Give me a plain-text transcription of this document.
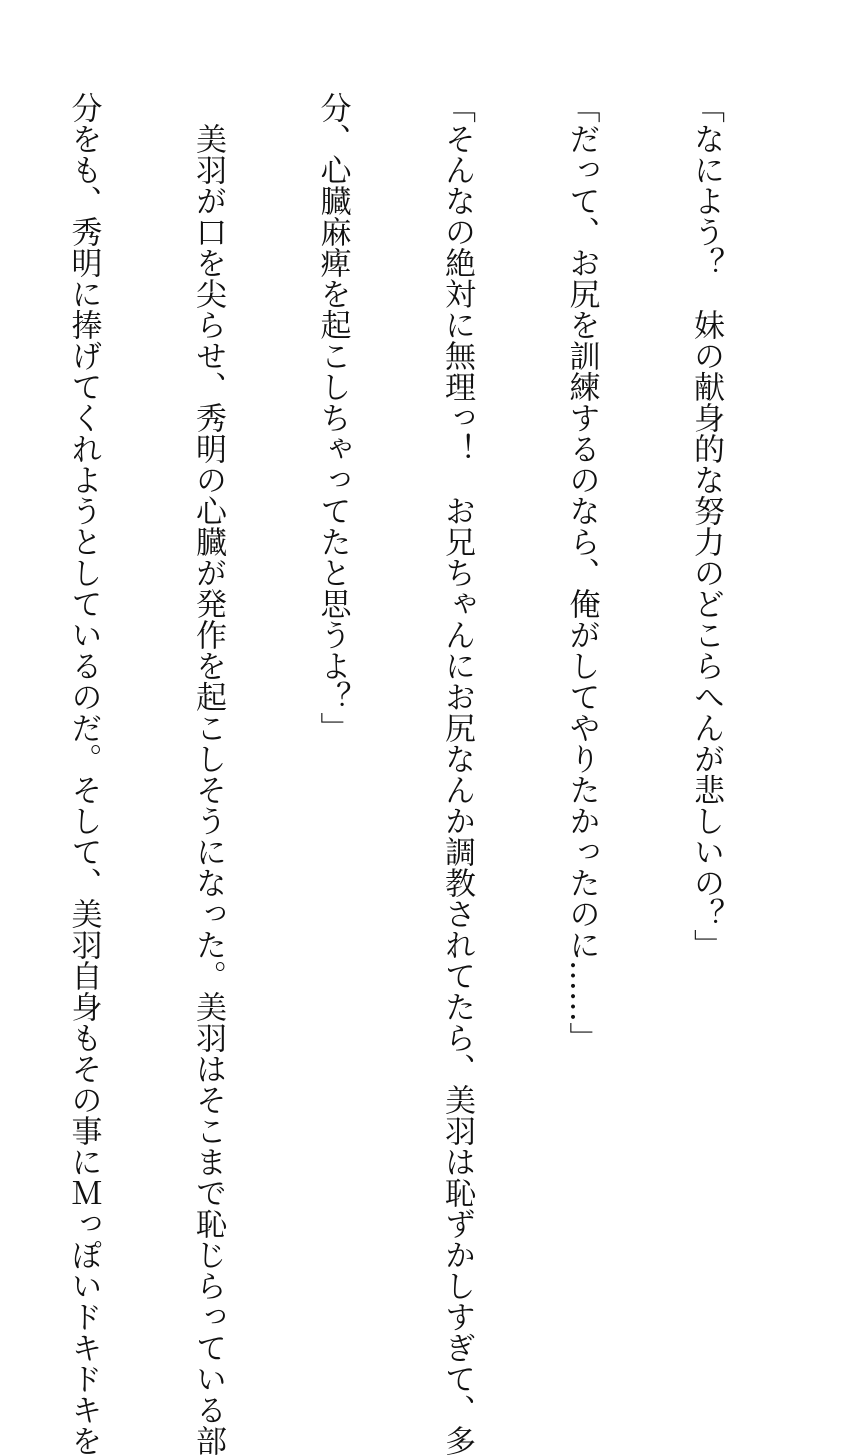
「なによう？　妹の献身的な努力のどこらへんが悲しいの？」

「だって、お尻を訓練するのなら、俺がしてやりたかったのに……」

「そんなの絶対に無理っ！　お兄ちゃんにお尻なんか調教されてたら、美羽は恥ずかしすぎて、多

分、心臓麻痺を起こしちゃってたと思うよ？」

　美羽が口を尖らせ、秀明の心臓が発作を起こしそうになった。美羽はそこまで恥じらっている部

分をも、秀明に捧げてくれようとしているのだ。そして、美羽自身もその事にＭっぽいドキドキを
